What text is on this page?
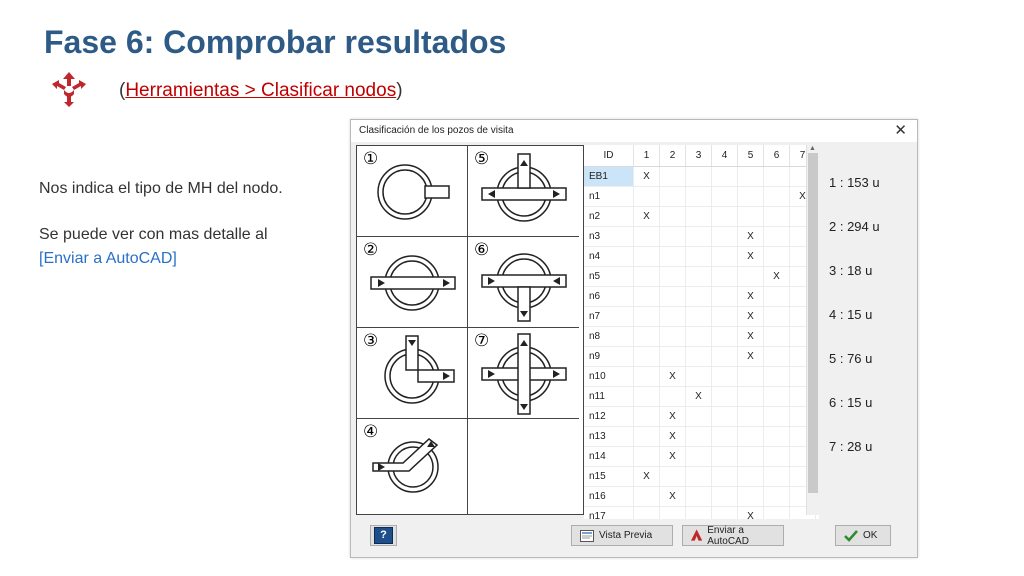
Fase 6: Comprobar resultados
(Herramientas > Clasificar nodos)
Nos indica el tipo de MH del nodo.
Se puede ver con mas detalle al
[Enviar a AutoCAD]
Clasificación de los pozos de visita	✕
①	⑤
②	⑥
③	⑦
④
ID	1	2	3	4	5	6	7
EB1	X						
n1							X
n2	X						
n3					X		
n4					X		
n5						X	
n6					X		
n7					X		
n8					X		
n9					X		
n10		X					
n11			X				
n12		X					
n13		X					
n14		X					
n15	X						
n16		X					
n17					X		
▲
1 : 153 u
2 : 294 u
3 : 18 u
4 : 15 u
5 : 76 u
6 : 15 u
7 : 28 u
?	Vista Previa	Enviar a AutoCAD	OK
